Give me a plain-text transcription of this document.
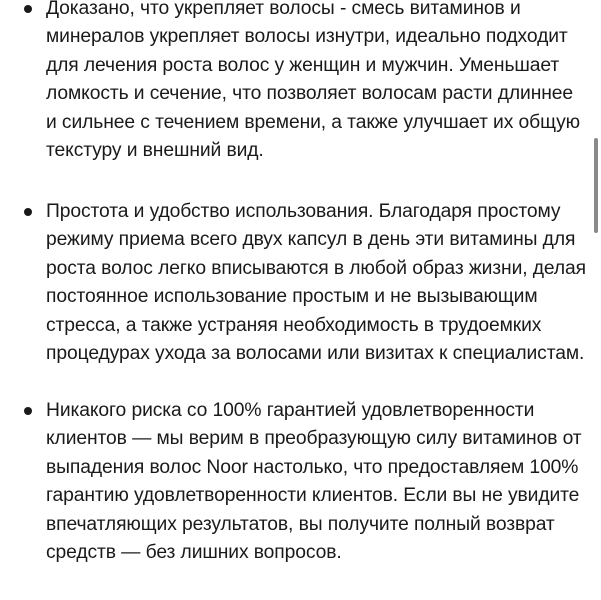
Доказано, что укрепляет волосы - смесь витаминов и минералов укрепляет волосы изнутри, идеально подходит для лечения роста волос у женщин и мужчин. Уменьшает ломкость и сечение, что позволяет волосам расти длиннее и сильнее с течением времени, а также улучшает их общую текстуру и внешний вид.
Простота и удобство использования. Благодаря простому режиму приема всего двух капсул в день эти витамины для роста волос легко вписываются в любой образ жизни, делая постоянное использование простым и не вызывающим стресса, а также устраняя необходимость в трудоемких процедурах ухода за волосами или визитах к специалистам.
Никакого риска со 100% гарантией удовлетворенности клиентов — мы верим в преобразующую силу витаминов от выпадения волос Noor настолько, что предоставляем 100% гарантию удовлетворенности клиентов. Если вы не увидите впечатляющих результатов, вы получите полный возврат средств — без лишних вопросов.
